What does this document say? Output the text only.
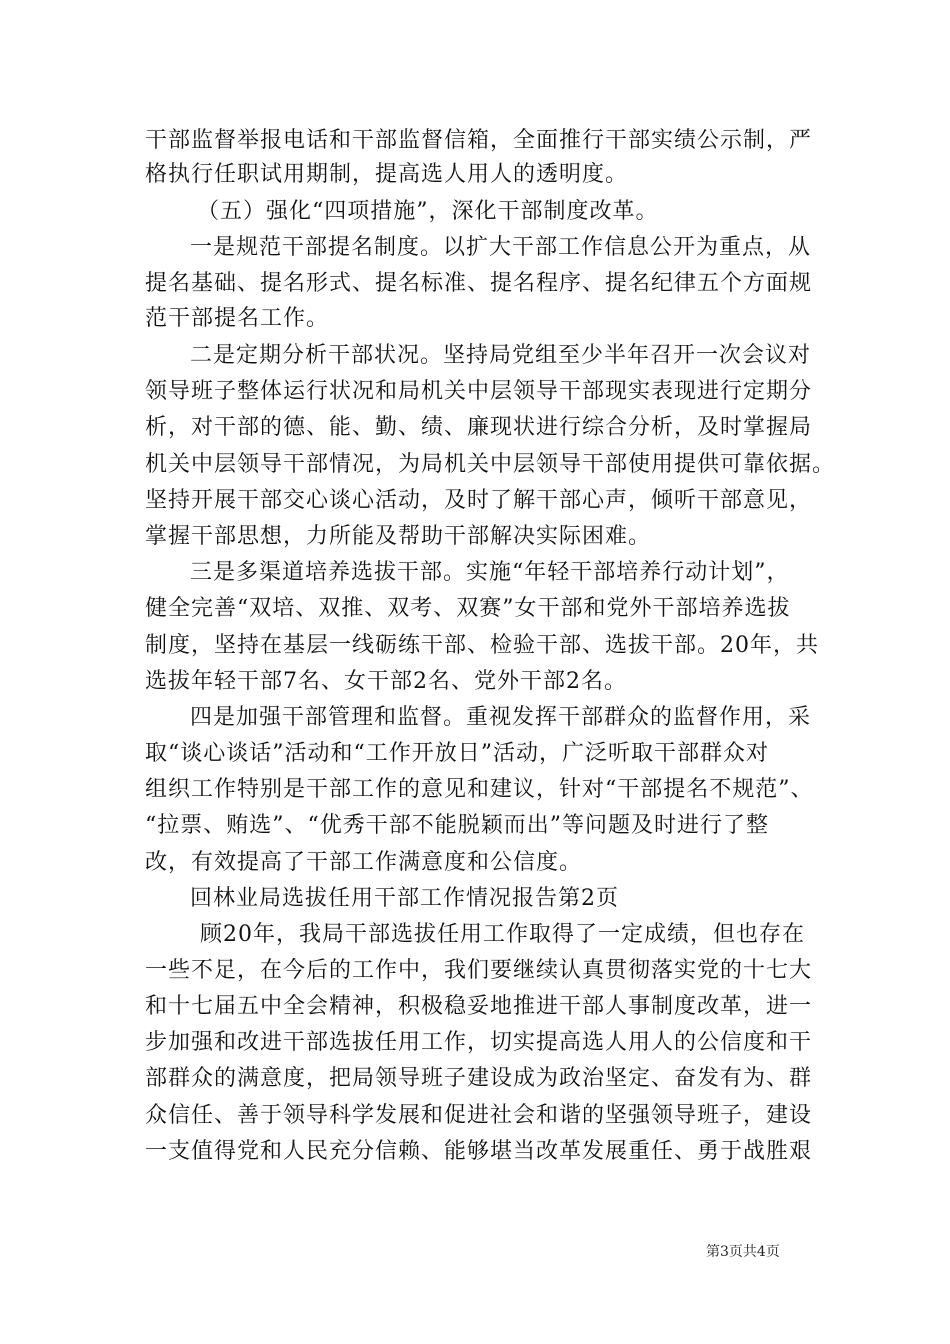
干部监督举报电话和干部监督信箱，全面推行干部实绩公示制，严
格执行任职试用期制，提高选人用人的透明度。
（五）强化“四项措施”，深化干部制度改革。
一是规范干部提名制度。以扩大干部工作信息公开为重点，从
提名基础、提名形式、提名标准、提名程序、提名纪律五个方面规
范干部提名工作。
二是定期分析干部状况。坚持局党组至少半年召开一次会议对
领导班子整体运行状况和局机关中层领导干部现实表现进行定期分
析，对干部的德、能、勤、绩、廉现状进行综合分析，及时掌握局
机关中层领导干部情况，为局机关中层领导干部使用提供可靠依据。
坚持开展干部交心谈心活动，及时了解干部心声，倾听干部意见，
掌握干部思想，力所能及帮助干部解决实际困难。
三是多渠道培养选拔干部。实施“年轻干部培养行动计划”，
健全完善“双培、双推、双考、双赛”女干部和党外干部培养选拔
制度，坚持在基层一线砺练干部、检验干部、选拔干部。20年，共
选拔年轻干部7名、女干部2名、党外干部2名。
四是加强干部管理和监督。重视发挥干部群众的监督作用，采
取“谈心谈话”活动和“工作开放日”活动，广泛听取干部群众对
组织工作特别是干部工作的意见和建议，针对“干部提名不规范”、
“拉票、贿选”、“优秀干部不能脱颖而出”等问题及时进行了整
改，有效提高了干部工作满意度和公信度。
回林业局选拔任用干部工作情况报告第2页
顾20年，我局干部选拔任用工作取得了一定成绩，但也存在
一些不足，在今后的工作中，我们要继续认真贯彻落实党的十七大
和十七届五中全会精神，积极稳妥地推进干部人事制度改革，进一
步加强和改进干部选拔任用工作，切实提高选人用人的公信度和干
部群众的满意度，把局领导班子建设成为政治坚定、奋发有为、群
众信任、善于领导科学发展和促进社会和谐的坚强领导班子，建设
一支值得党和人民充分信赖、能够堪当改革发展重任、勇于战胜艰
第3页共4页
